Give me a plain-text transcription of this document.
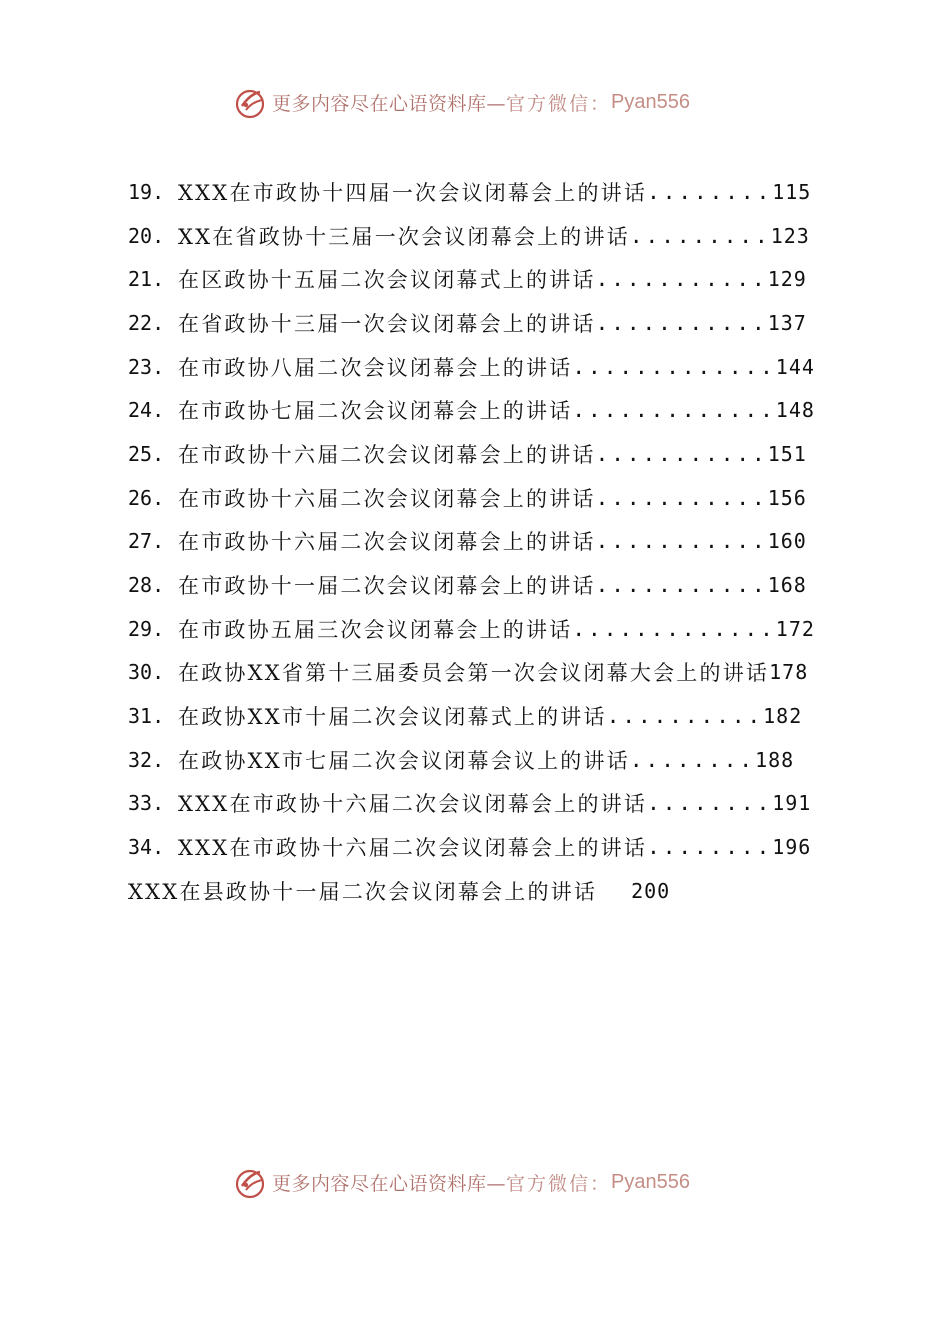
更多内容尽在心语资料库— 官方微信： Pyan556
19. XXX在市政协十四届一次会议闭幕会上的讲话 ........ 115
20. XX在省政协十三届一次会议闭幕会上的讲话 ......... 123
21. 在区政协十五届二次会议闭幕式上的讲话 ........... 129
22. 在省政协十三届一次会议闭幕会上的讲话 ........... 137
23. 在市政协八届二次会议闭幕会上的讲话 ............. 144
24. 在市政协七届二次会议闭幕会上的讲话 ............. 148
25. 在市政协十六届二次会议闭幕会上的讲话 ........... 151
26. 在市政协十六届二次会议闭幕会上的讲话 ........... 156
27. 在市政协十六届二次会议闭幕会上的讲话 ........... 160
28. 在市政协十一届二次会议闭幕会上的讲话 ........... 168
29. 在市政协五届三次会议闭幕会上的讲话 ............. 172
30. 在政协XX省第十三届委员会第一次会议闭幕大会上的讲话 178
31. 在政协XX市十届二次会议闭幕式上的讲话 .......... 182
32. 在政协XX市七届二次会议闭幕会议上的讲话 ........ 188
33. XXX在市政协十六届二次会议闭幕会上的讲话 ........ 191
34. XXX在市政协十六届二次会议闭幕会上的讲话 ........ 196
XXX在县政协十一届二次会议闭幕会上的讲话 200
更多内容尽在心语资料库— 官方微信： Pyan556
